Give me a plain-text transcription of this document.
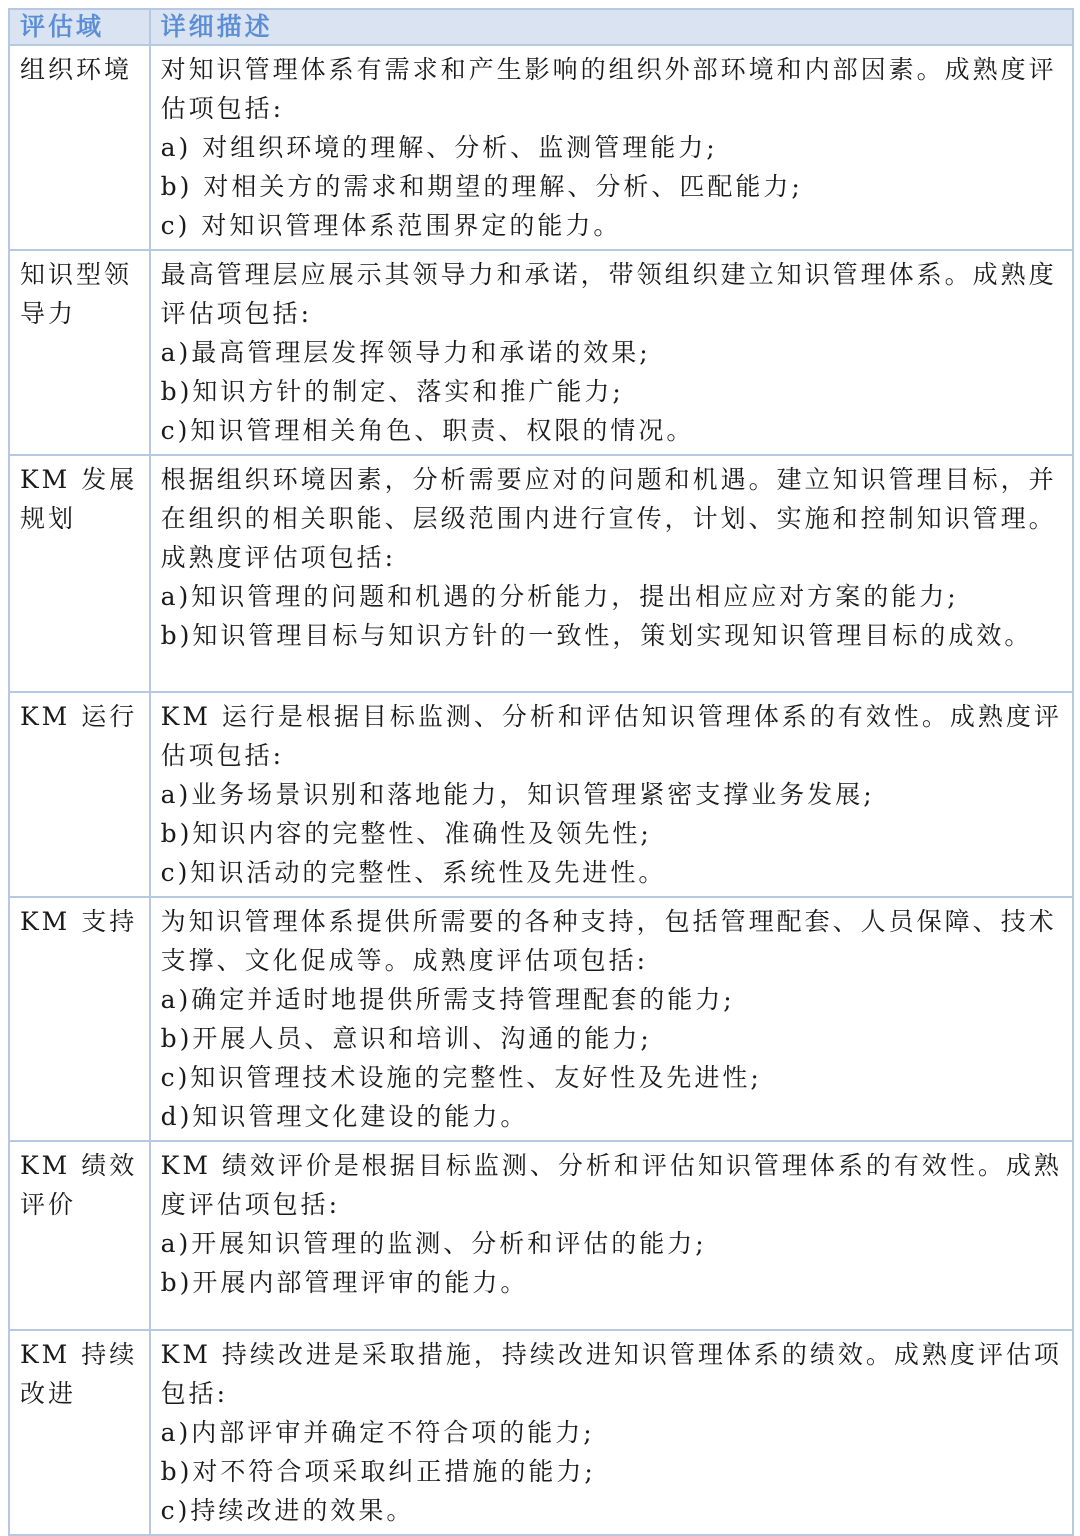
评估域	详细描述
组织环境	对知识管理体系有需求和产生影响的组织外部环境和内部因素。成熟度评估项包括:
a) 对组织环境的理解、分析、监测管理能力;
b) 对相关方的需求和期望的理解、分析、匹配能力;
c) 对知识管理体系范围界定的能力。

知识型领导力	最高管理层应展示其领导力和承诺，带领组织建立知识管理体系。成熟度评估项包括:
a)最高管理层发挥领导力和承诺的效果;
b)知识方针的制定、落实和推广能力;
c)知识管理相关角色、职责、权限的情况。

KM 发展规划	根据组织环境因素，分析需要应对的问题和机遇。建立知识管理目标，并在组织的相关职能、层级范围内进行宣传，计划、实施和控制知识管理。成熟度评估项包括:
a)知识管理的问题和机遇的分析能力，提出相应应对方案的能力;
b)知识管理目标与知识方针的一致性，策划实现知识管理目标的成效。

KM 运行	KM 运行是根据目标监测、分析和评估知识管理体系的有效性。成熟度评估项包括:
a)业务场景识别和落地能力，知识管理紧密支撑业务发展;
b)知识内容的完整性、准确性及领先性;
c)知识活动的完整性、系统性及先进性。

KM 支持	为知识管理体系提供所需要的各种支持，包括管理配套、人员保障、技术支撑、文化促成等。成熟度评估项包括:
a)确定并适时地提供所需支持管理配套的能力;
b)开展人员、意识和培训、沟通的能力;
c)知识管理技术设施的完整性、友好性及先进性;
d)知识管理文化建设的能力。

KM 绩效评价	KM 绩效评价是根据目标监测、分析和评估知识管理体系的有效性。成熟度评估项包括:
a)开展知识管理的监测、分析和评估的能力;
b)开展内部管理评审的能力。

KM 持续改进	KM 持续改进是采取措施，持续改进知识管理体系的绩效。成熟度评估项包括:
a)内部评审并确定不符合项的能力;
b)对不符合项采取纠正措施的能力;
c)持续改进的效果。
